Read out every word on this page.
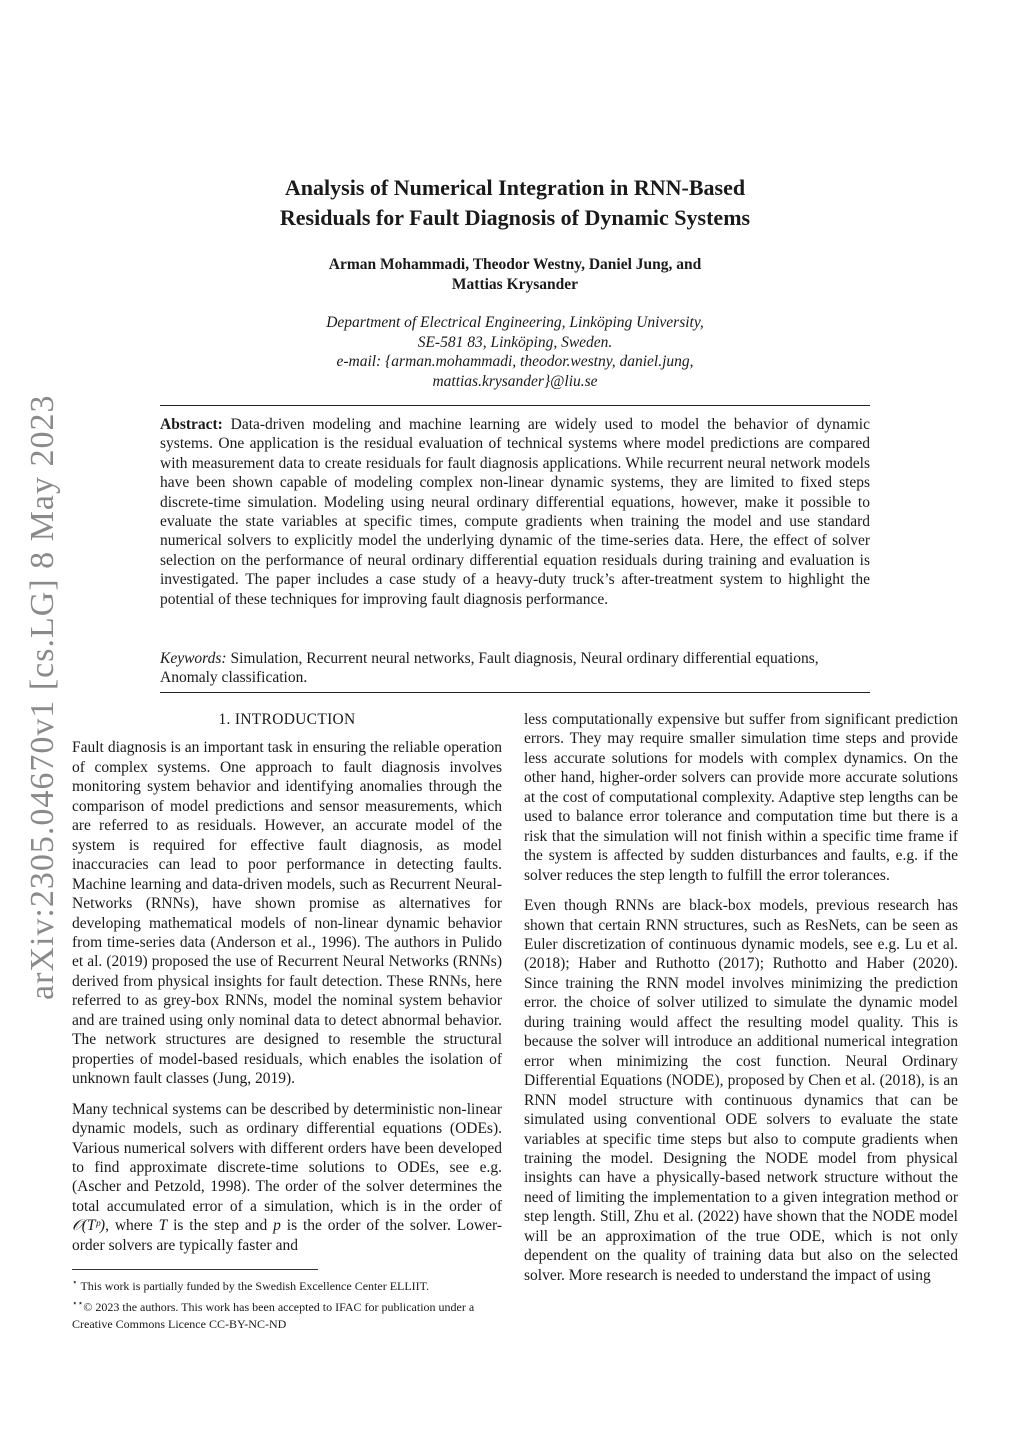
arXiv:2305.04670v1 [cs.LG] 8 May 2023
Analysis of Numerical Integration in RNN-Based
Residuals for Fault Diagnosis of Dynamic Systems
Arman Mohammadi, Theodor Westny, Daniel Jung, and
Mattias Krysander
Department of Electrical Engineering, Linköping University,
SE-581 83, Linköping, Sweden.
e-mail: {arman.mohammadi, theodor.westny, daniel.jung,
mattias.krysander}@liu.se
Abstract: Data-driven modeling and machine learning are widely used to model the behavior of dynamic systems. One application is the residual evaluation of technical systems where model predictions are compared with measurement data to create residuals for fault diagnosis applications. While recurrent neural network models have been shown capable of modeling complex non-linear dynamic systems, they are limited to fixed steps discrete-time simulation. Modeling using neural ordinary differential equations, however, make it possible to evaluate the state variables at specific times, compute gradients when training the model and use standard numerical solvers to explicitly model the underlying dynamic of the time-series data. Here, the effect of solver selection on the performance of neural ordinary differential equation residuals during training and evaluation is investigated. The paper includes a case study of a heavy-duty truck’s after-treatment system to highlight the potential of these techniques for improving fault diagnosis performance.
Keywords: Simulation, Recurrent neural networks, Fault diagnosis, Neural ordinary differential equations, Anomaly classification.
1. INTRODUCTION

Fault diagnosis is an important task in ensuring the reliable operation of complex systems. One approach to fault diagnosis involves monitoring system behavior and identifying anomalies through the comparison of model predictions and sensor measurements, which are referred to as residuals. However, an accurate model of the system is required for effective fault diagnosis, as model inaccuracies can lead to poor performance in detecting faults. Machine learning and data-driven models, such as Recurrent Neural-Networks (RNNs), have shown promise as alternatives for developing mathematical models of non-linear dynamic behavior from time-series data (Anderson et al., 1996). The authors in Pulido et al. (2019) proposed the use of Recurrent Neural Networks (RNNs) derived from physical insights for fault detection. These RNNs, here referred to as grey-box RNNs, model the nominal system behavior and are trained using only nominal data to detect abnormal behavior. The network structures are designed to resemble the structural properties of model-based residuals, which enables the isolation of unknown fault classes (Jung, 2019).

Many technical systems can be described by deterministic non-linear dynamic models, such as ordinary differential equations (ODEs). Various numerical solvers with different orders have been developed to find approximate discrete-time solutions to ODEs, see e.g. (Ascher and Petzold, 1998). The order of the solver determines the total accumulated error of a simulation, which is in the order of 𝒪(Tᵖ), where T is the step and p is the order of the solver. Lower-order solvers are typically faster and

⋆ This work is partially funded by the Swedish Excellence Center ELLIIT.
⋆⋆© 2023 the authors. This work has been accepted to IFAC for publication under a Creative Commons Licence CC-BY-NC-ND

less computationally expensive but suffer from significant prediction errors. They may require smaller simulation time steps and provide less accurate solutions for models with complex dynamics. On the other hand, higher-order solvers can provide more accurate solutions at the cost of computational complexity. Adaptive step lengths can be used to balance error tolerance and computation time but there is a risk that the simulation will not finish within a specific time frame if the system is affected by sudden disturbances and faults, e.g. if the solver reduces the step length to fulfill the error tolerances.

Even though RNNs are black-box models, previous research has shown that certain RNN structures, such as ResNets, can be seen as Euler discretization of continuous dynamic models, see e.g. Lu et al. (2018); Haber and Ruthotto (2017); Ruthotto and Haber (2020). Since training the RNN model involves minimizing the prediction error. the choice of solver utilized to simulate the dynamic model during training would affect the resulting model quality. This is because the solver will introduce an additional numerical integration error when minimizing the cost function. Neural Ordinary Differential Equations (NODE), proposed by Chen et al. (2018), is an RNN model structure with continuous dynamics that can be simulated using conventional ODE solvers to evaluate the state variables at specific time steps but also to compute gradients when training the model. Designing the NODE model from physical insights can have a physically-based network structure without the need of limiting the implementation to a given integration method or step length. Still, Zhu et al. (2022) have shown that the NODE model will be an approximation of the true ODE, which is not only dependent on the quality of training data but also on the selected solver. More research is needed to understand the impact of using
